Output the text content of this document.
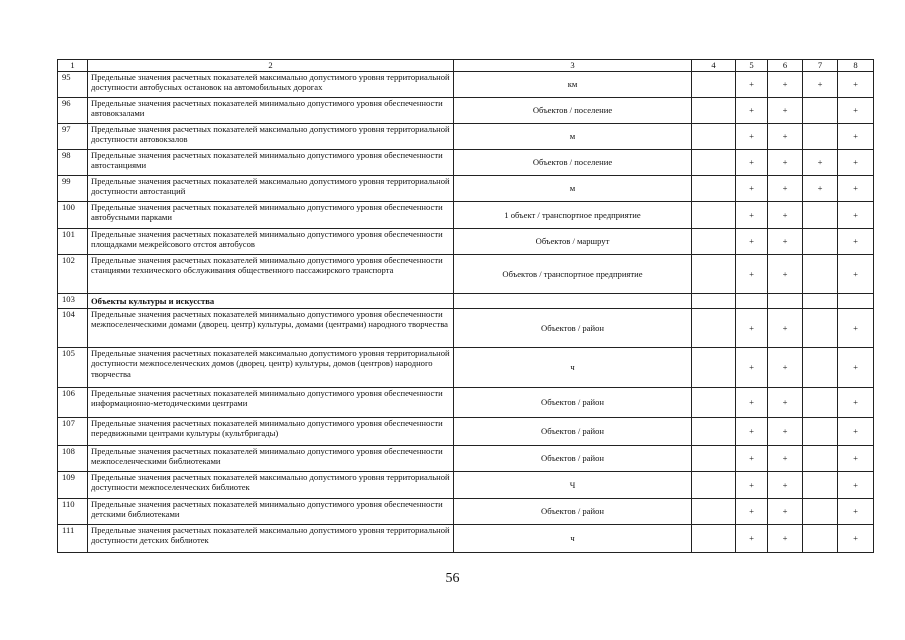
1	2	3	4	5	6	7	8
95	Предельные значения расчетных показателей максимально допустимого уровня территориальной доступности автобусных остановок на автомобильных дорогах	км		+	+	+	+
96	Предельные значения расчетных показателей минимально допустимого уровня обеспеченности автовокзалами	Объектов / поселение		+	+		+
97	Предельные значения расчетных показателей максимально допустимого уровня территориальной доступности автовокзалов	м		+	+		+
98	Предельные значения расчетных показателей минимально допустимого уровня обеспеченности автостанциями	Объектов / поселение		+	+	+	+
99	Предельные значения расчетных показателей максимально допустимого уровня территориальной доступности автостанций	м		+	+	+	+
100	Предельные значения расчетных показателей минимально допустимого уровня обеспеченности автобусными парками	1 объект / транспортное предприятие		+	+		+
101	Предельные значения расчетных показателей минимально допустимого уровня обеспеченности площадками межрейсового отстоя автобусов	Объектов / маршрут		+	+		+
102	Предельные значения расчетных показателей минимально допустимого уровня обеспеченности станциями технического обслуживания общественного пассажирского транспорта	Объектов / транспортное предприятие		+	+		+
103	Объекты культуры и искусства						
104	Предельные значения расчетных показателей минимально допустимого уровня обеспеченности межпоселенческими домами (дворец. центр) культуры, домами (центрами) народного творчества	Объектов / район		+	+		+
105	Предельные значения расчетных показателей максимально допустимого уровня территориальной доступности межпоселенческих домов (дворец. центр) культуры, домов (центров) народного творчества	ч		+	+		+
106	Предельные значения расчетных показателей минимально допустимого уровня обеспеченности информационно-методическими центрами	Объектов / район		+	+		+
107	Предельные значения расчетных показателей минимально допустимого уровня обеспеченности передвижными центрами культуры (культбригады)	Объектов / район		+	+		+
108	Предельные значения расчетных показателей минимально допустимого уровня обеспеченности межпоселенческими библиотеками	Объектов / район		+	+		+
109	Предельные значения расчетных показателей максимально допустимого уровня территориальной доступности межпоселенческих библиотек	Ч		+	+		+
110	Предельные значения расчетных показателей минимально допустимого уровня обеспеченности детскими библиотеками	Объектов / район		+	+		+
111	Предельные значения расчетных показателей максимально допустимого уровня территориальной доступности детских библиотек	ч		+	+		+
56
